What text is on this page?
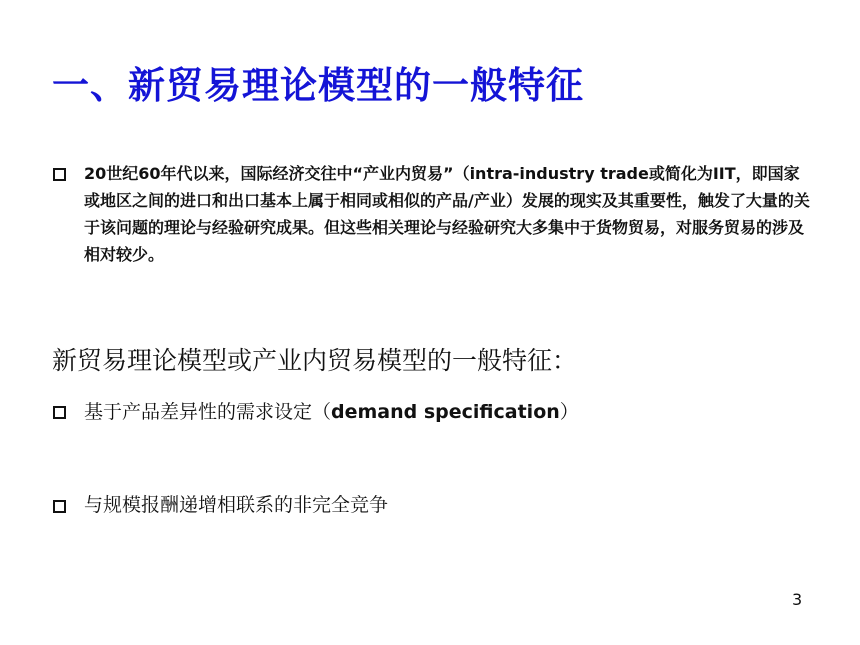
一、新贸易理论模型的一般特征
20世纪60年代以来，国际经济交往中“产业内贸易”（intra-industry trade或简化为IIT，即国家或地区之间的进口和出口基本上属于相同或相似的产品/产业）发展的现实及其重要性，触发了大量的关于该问题的理论与经验研究成果。但这些相关理论与经验研究大多集中于货物贸易，对服务贸易的涉及相对较少。
新贸易理论模型或产业内贸易模型的一般特征：
基于产品差异性的需求设定（demand specification）
与规模报酬递增相联系的非完全竞争
3
